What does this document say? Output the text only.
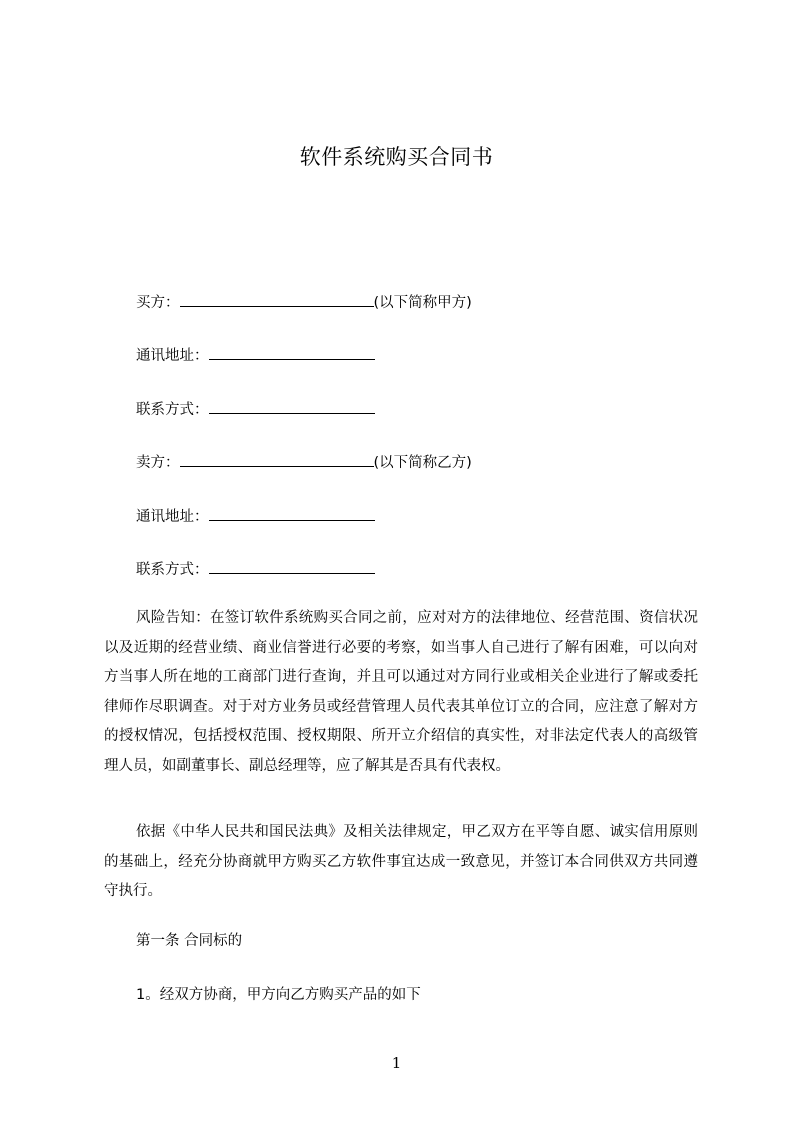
软件系统购买合同书
买方：	(以下简称甲方)
通讯地址：
联系方式：
卖方：	(以下简称乙方)
通讯地址：
联系方式：
风险告知：在签订软件系统购买合同之前，应对对方的法律地位、经营范围、资信状况以及近期的经营业绩、商业信誉进行必要的考察，如当事人自己进行了解有困难，可以向对方当事人所在地的工商部门进行查询，并且可以通过对方同行业或相关企业进行了解或委托律师作尽职调查。对于对方业务员或经营管理人员代表其单位订立的合同，应注意了解对方的授权情况，包括授权范围、授权期限、所开立介绍信的真实性，对非法定代表人的高级管理人员，如副董事长、副总经理等，应了解其是否具有代表权。
依据《中华人民共和国民法典》及相关法律规定，甲乙双方在平等自愿、诚实信用原则的基础上，经充分协商就甲方购买乙方软件事宜达成一致意见，并签订本合同供双方共同遵守执行。
第一条 合同标的
1。经双方协商，甲方向乙方购买产品的如下
1
